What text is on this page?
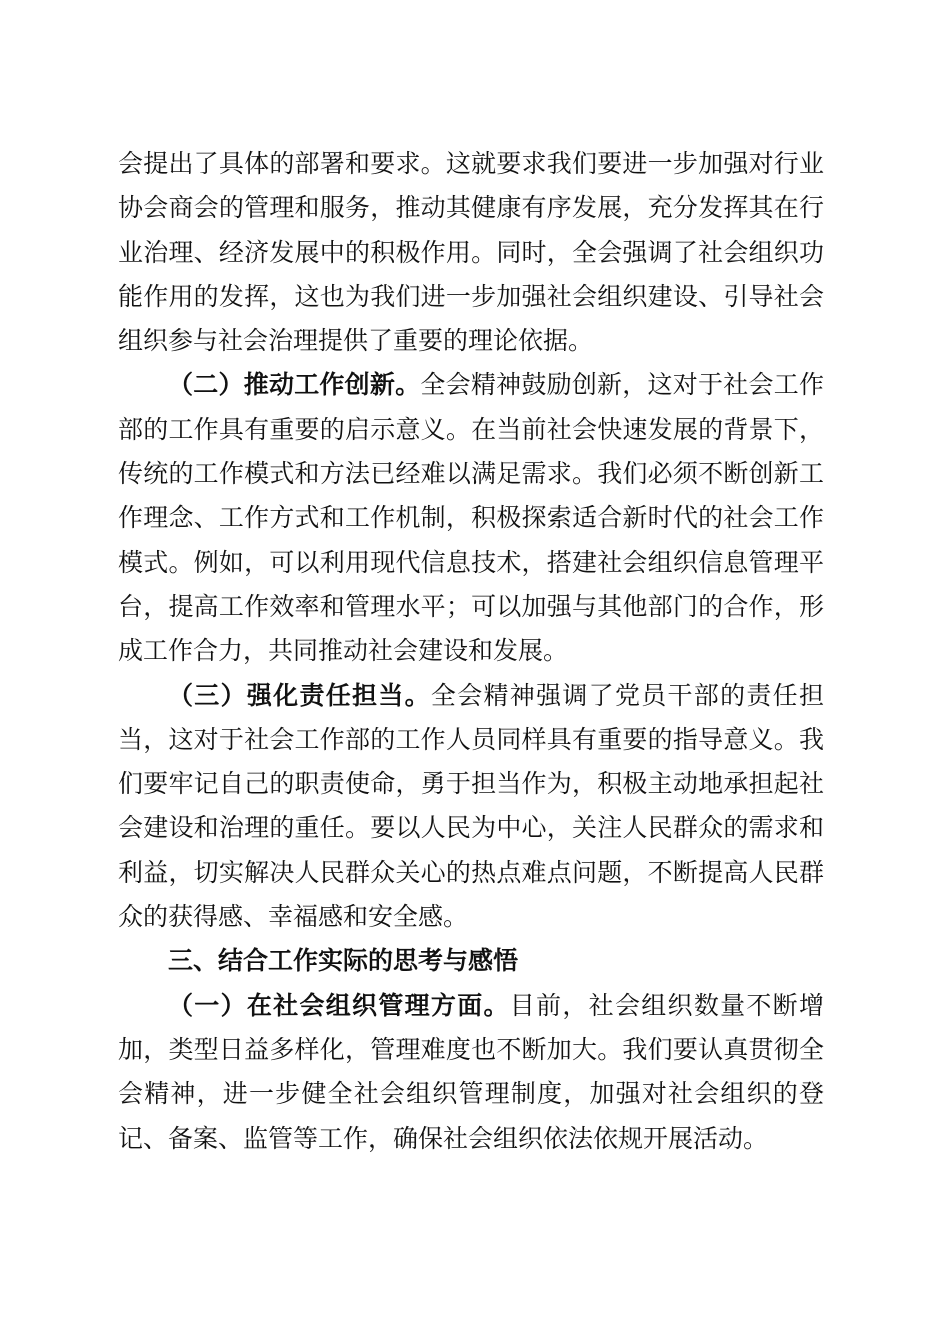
会提出了具体的部署和要求。这就要求我们要进一步加强对行业协会商会的管理和服务，推动其健康有序发展，充分发挥其在行业治理、经济发展中的积极作用。同时，全会强调了社会组织功能作用的发挥，这也为我们进一步加强社会组织建设、引导社会组织参与社会治理提供了重要的理论依据。

（二）推动工作创新。全会精神鼓励创新，这对于社会工作部的工作具有重要的启示意义。在当前社会快速发展的背景下，传统的工作模式和方法已经难以满足需求。我们必须不断创新工作理念、工作方式和工作机制，积极探索适合新时代的社会工作模式。例如，可以利用现代信息技术，搭建社会组织信息管理平台，提高工作效率和管理水平；可以加强与其他部门的合作，形成工作合力，共同推动社会建设和发展。

（三）强化责任担当。全会精神强调了党员干部的责任担当，这对于社会工作部的工作人员同样具有重要的指导意义。我们要牢记自己的职责使命，勇于担当作为，积极主动地承担起社会建设和治理的重任。要以人民为中心，关注人民群众的需求和利益，切实解决人民群众关心的热点难点问题，不断提高人民群众的获得感、幸福感和安全感。

三、结合工作实际的思考与感悟

（一）在社会组织管理方面。目前，社会组织数量不断增加，类型日益多样化，管理难度也不断加大。我们要认真贯彻全会精神，进一步健全社会组织管理制度，加强对社会组织的登记、备案、监管等工作，确保社会组织依法依规开展活动。
